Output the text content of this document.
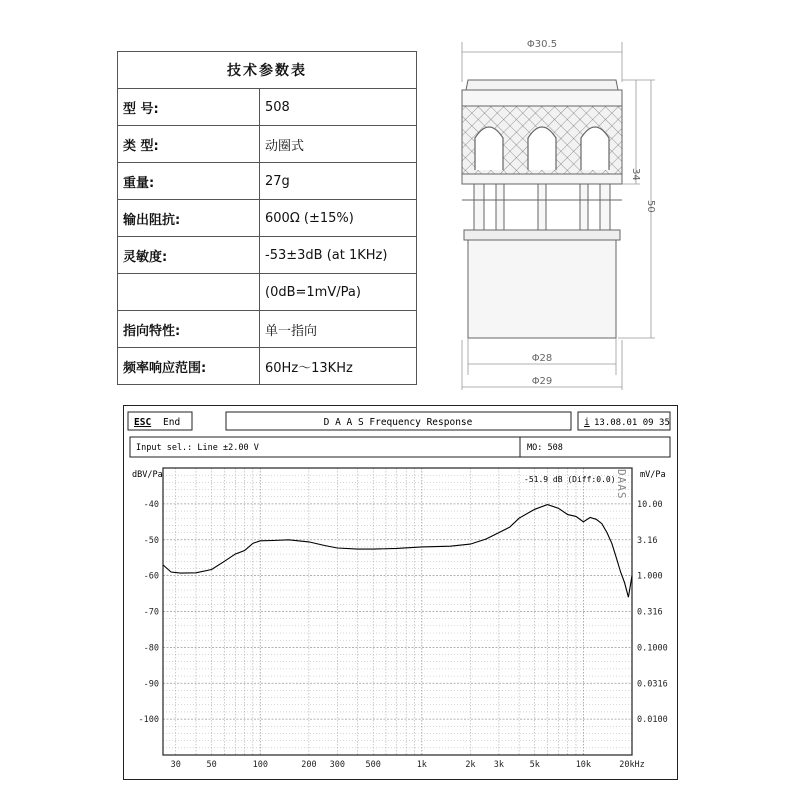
技术参数表	
型 号:	508
类 型:	动圈式
重量:	27g
输出阻抗:	600Ω (±15%)
灵敏度:	-53±3dB (at 1KHz)
	(0dB=1mV/Pa)
指向特性:	单一指向
频率响应范围:	60Hz～13KHz
Φ30.5
34
50
Φ28
Φ29
ESC End	D A A S Frequency Response	i 13.08.01 09 35
Input sel.: Line ±2.00 V	MO: 508
dBV/Pa	mV/Pa
-40	10.00
-50	3.16
-60	1.000
-70	0.316
-80	0.1000
-90	0.0316
-100	0.0100
30	50	100	200 300 500	1k	2k 3k	5k	10k	20kHz
-51.9 dB (Diff:0.0) DAAS
